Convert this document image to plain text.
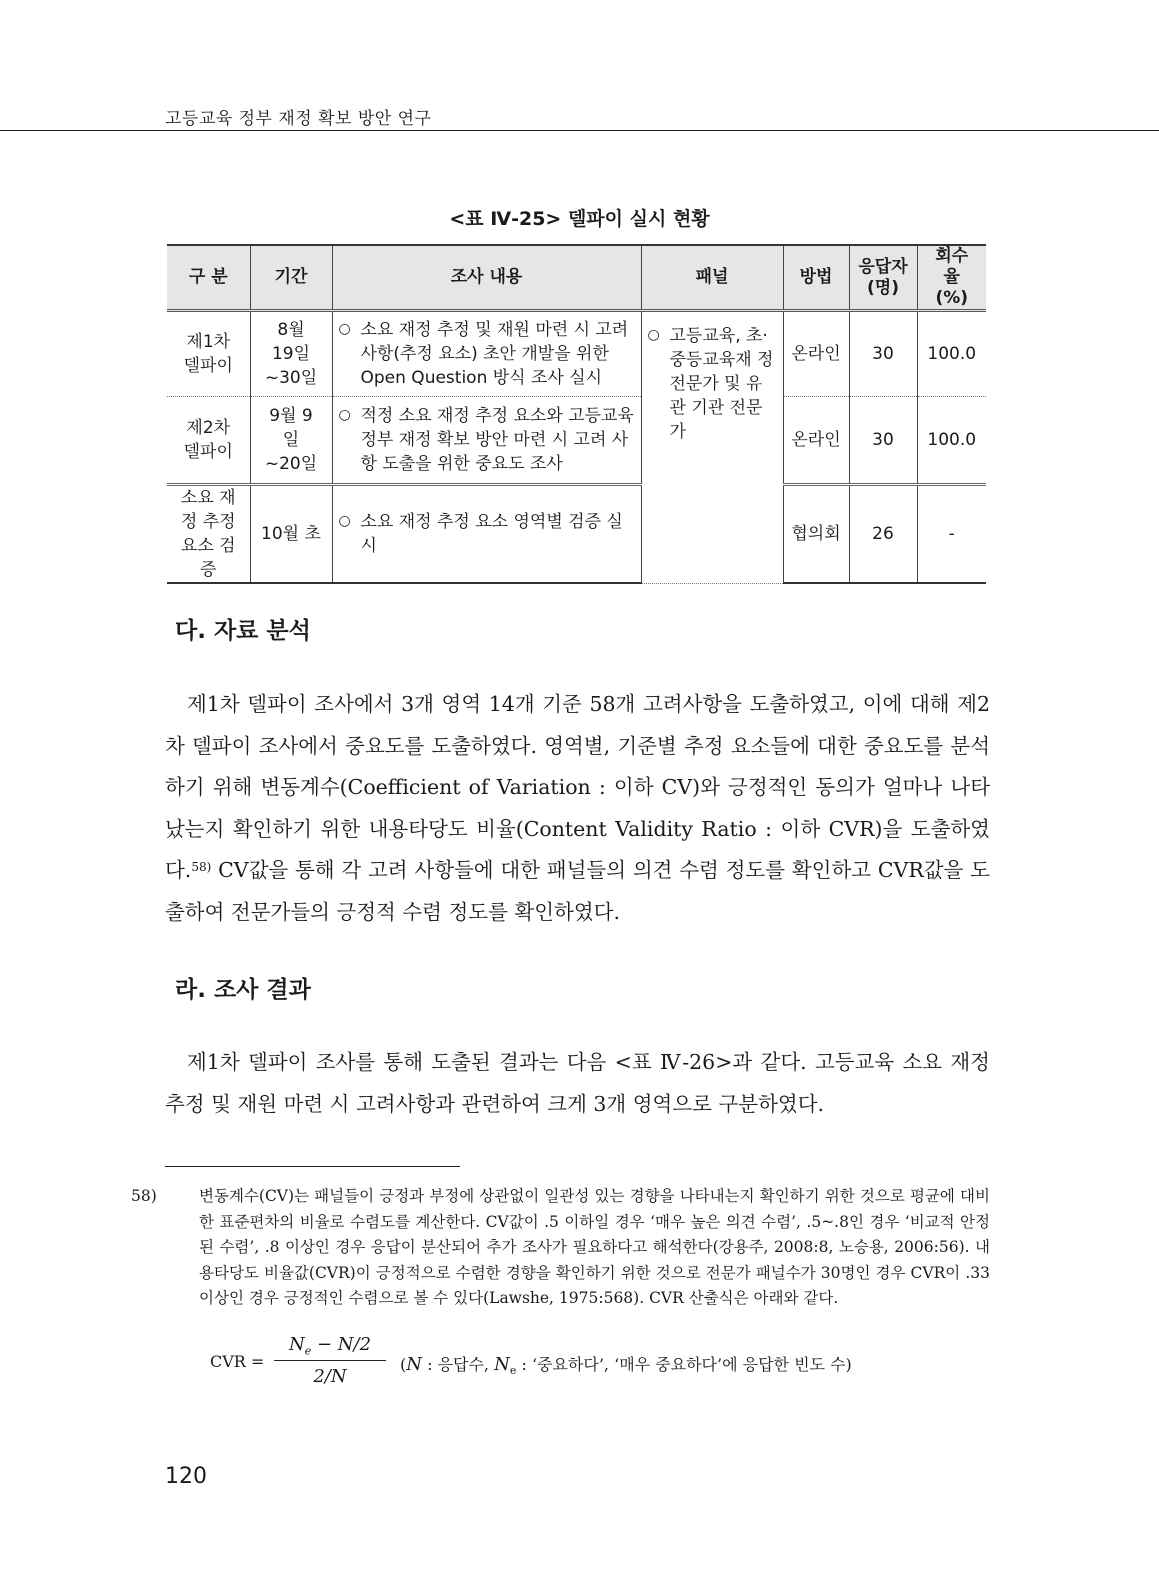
고등교육 정부 재정 확보 방안 연구
<표 Ⅳ-25> 델파이 실시 현황
구 분	기간	조사 내용	패널	방법	응답자 (명)	회수율 (%)
제1차 델파이	8월 19일 ~30일	○ 소요 재정 추정 및 재원 마련 시 고려사항(추정 요소) 초안 개발을 위한 Open Question 방식 조사 실시	○ 고등교육, 초·중등교육재 정 전문가 및 유관 기관 전문가	온라인	30	100.0
제2차 델파이	9월 9일 ~20일	○ 적정 소요 재정 추정 요소와 고등교육 정부 재정 확보 방안 마련 시 고려 사항 도출을 위한 중요도 조사		온라인	30	100.0
소요 재정 추정 요소 검증	10월 초	○ 소요 재정 추정 요소 영역별 검증 실시		협의회	26	-
다. 자료 분석
제1차 델파이 조사에서 3개 영역 14개 기준 58개 고려사항을 도출하였고, 이에 대해 제2차 델파이 조사에서 중요도를 도출하였다. 영역별, 기준별 추정 요소들에 대한 중요도를 분석하기 위해 변동계수(Coefficient of Variation : 이하 CV)와 긍정적인 동의가 얼마나 나타났는지 확인하기 위한 내용타당도 비율(Content Validity Ratio : 이하 CVR)을 도출하였다.$^{58)}$ CV값을 통해 각 고려 사항들에 대한 패널들의 의견 수렴 정도를 확인하고 CVR값을 도출하여 전문가들의 긍정적 수렴 정도를 확인하였다.
라. 조사 결과
제1차 델파이 조사를 통해 도출된 결과는 다음 <표 Ⅳ-26>과 같다. 고등교육 소요 재정 추정 및 재원 마련 시 고려사항과 관련하여 크게 3개 영역으로 구분하였다.
58)	변동계수(CV)는 패널들이 긍정과 부정에 상관없이 일관성 있는 경향을 나타내는지 확인하기 위한 것으로 평균에 대비한 표준편차의 비율로 수렴도를 계산한다. CV값이 .5 이하일 경우 ‘매우 높은 의견 수렴’, .5~.8인 경우 ‘비교적 안정된 수렴’, .8 이상인 경우 응답이 분산되어 추가 조사가 필요하다고 해석한다(강용주, 2008:8, 노승용, 2006:56). 내용타당도 비율값(CVR)이 긍정적으로 수렴한 경향을 확인하기 위한 것으로 전문가 패널수가 30명인 경우 CVR이 .33 이상인 경우 긍정적인 수렴으로 볼 수 있다(Lawshe, 1975:568). CVR 산출식은 아래와 같다.
CVR =
$N_e - N/2$
2/N
(N : 응답수, $N_e$ : ‘중요하다’, ‘매우 중요하다’에 응답한 빈도 수)
120
